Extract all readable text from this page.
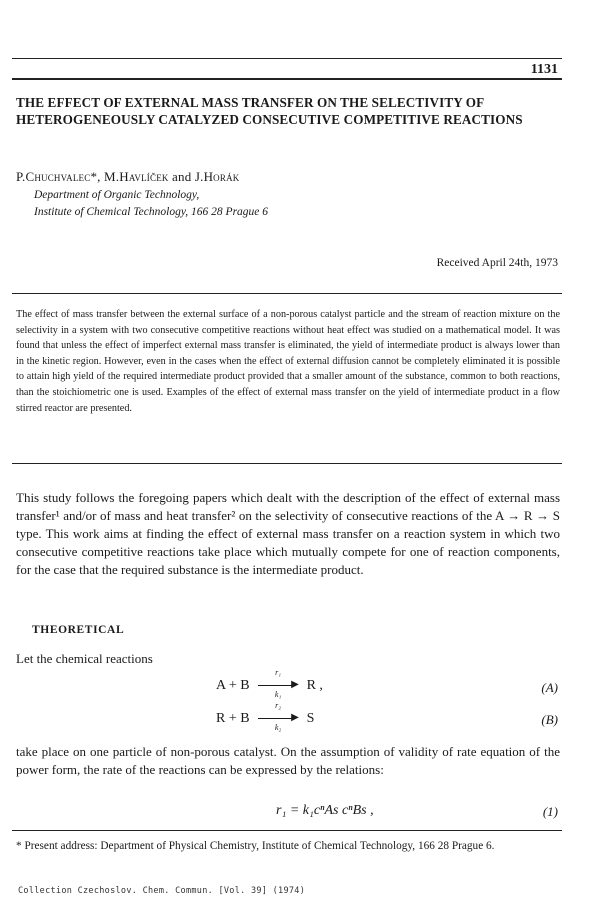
1131
THE EFFECT OF EXTERNAL MASS TRANSFER ON THE SELECTIVITY OF HETEROGENEOUSLY CATALYZED CONSECUTIVE COMPETITIVE REACTIONS
P.Chuchvalec*, M.Havlíček and J.Horák
Department of Organic Technology,
Institute of Chemical Technology, 166 28 Prague 6
Received April 24th, 1973
The effect of mass transfer between the external surface of a non-porous catalyst particle and the stream of reaction mixture on the selectivity in a system with two consecutive competitive reactions without heat effect was studied on a mathematical model. It was found that unless the effect of imperfect external mass transfer is eliminated, the yield of intermediate product is always lower than in the kinetic region. However, even in the cases when the effect of external diffusion cannot be completely eliminated it is possible to attain high yield of the required intermediate product provided that a smaller amount of the substance, common to both reactions, than the stoichiometric one is used. Examples of the effect of external mass transfer on the yield of intermediate product in a flow stirred reactor are presented.
This study follows the foregoing papers which dealt with the description of the effect of external mass transfer¹ and/or of mass and heat transfer² on the selectivity of consecutive reactions of the A → R → S type. This work aims at finding the effect of external mass transfer on a reaction system in which two consecutive competitive reactions take place which mutually compete for one of reaction components, for the case that the required substance is the intermediate product.
THEORETICAL
Let the chemical reactions
A + B
r₁
▶
k₁
R ,	(A)
R + B
r₂
▶
k₂
S	(B)
take place on one particle of non-porous catalyst. On the assumption of validity of rate equation of the power form, the rate of the reactions can be expressed by the relations:
r₁ = k₁cⁿAs cⁿBs ,	(1)
* Present address: Department of Physical Chemistry, Institute of Chemical Technology, 166 28 Prague 6.
Collection Czechoslov. Chem. Commun. [Vol. 39] (1974)
